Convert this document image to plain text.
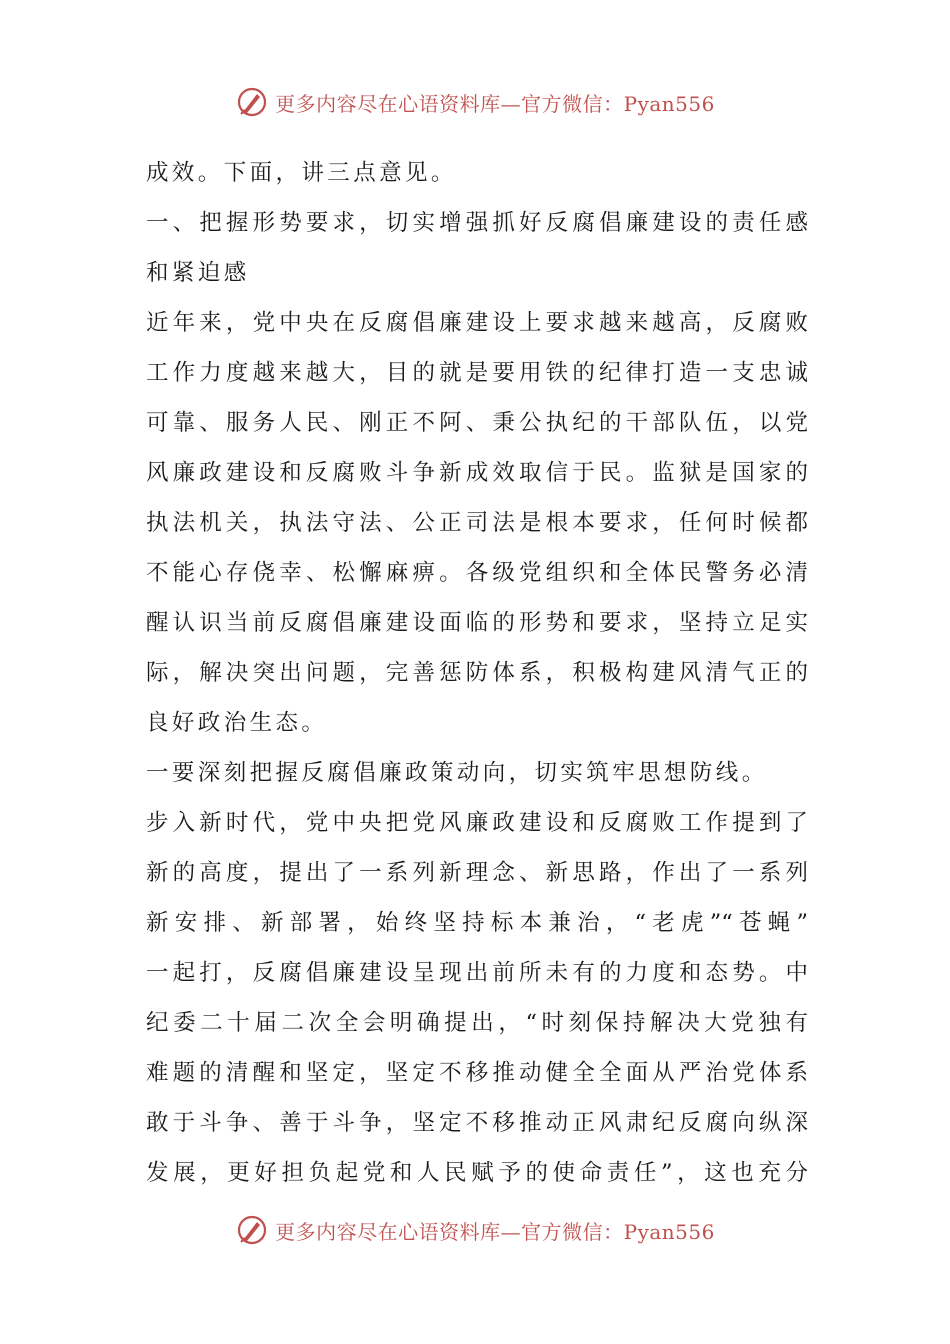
更多内容尽在心语资料库—官方微信：Pyan556
成效。下面，讲三点意见。
一、把握形势要求，切实增强抓好反腐倡廉建设的责任感
和紧迫感
近年来，党中央在反腐倡廉建设上要求越来越高，反腐败
工作力度越来越大，目的就是要用铁的纪律打造一支忠诚
可靠、服务人民、刚正不阿、秉公执纪的干部队伍，以党
风廉政建设和反腐败斗争新成效取信于民。监狱是国家的
执法机关，执法守法、公正司法是根本要求，任何时候都
不能心存侥幸、松懈麻痹。各级党组织和全体民警务必清
醒认识当前反腐倡廉建设面临的形势和要求，坚持立足实
际，解决突出问题，完善惩防体系，积极构建风清气正的
良好政治生态。
一要深刻把握反腐倡廉政策动向，切实筑牢思想防线。
步入新时代，党中央把党风廉政建设和反腐败工作提到了
新的高度，提出了一系列新理念、新思路，作出了一系列
新安排、新部署，始终坚持标本兼治，“老虎”“苍蝇”
一起打，反腐倡廉建设呈现出前所未有的力度和态势。中
纪委二十届二次全会明确提出，“时刻保持解决大党独有
难题的清醒和坚定，坚定不移推动健全全面从严治党体系
敢于斗争、善于斗争，坚定不移推动正风肃纪反腐向纵深
发展，更好担负起党和人民赋予的使命责任”，这也充分
更多内容尽在心语资料库—官方微信：Pyan556
